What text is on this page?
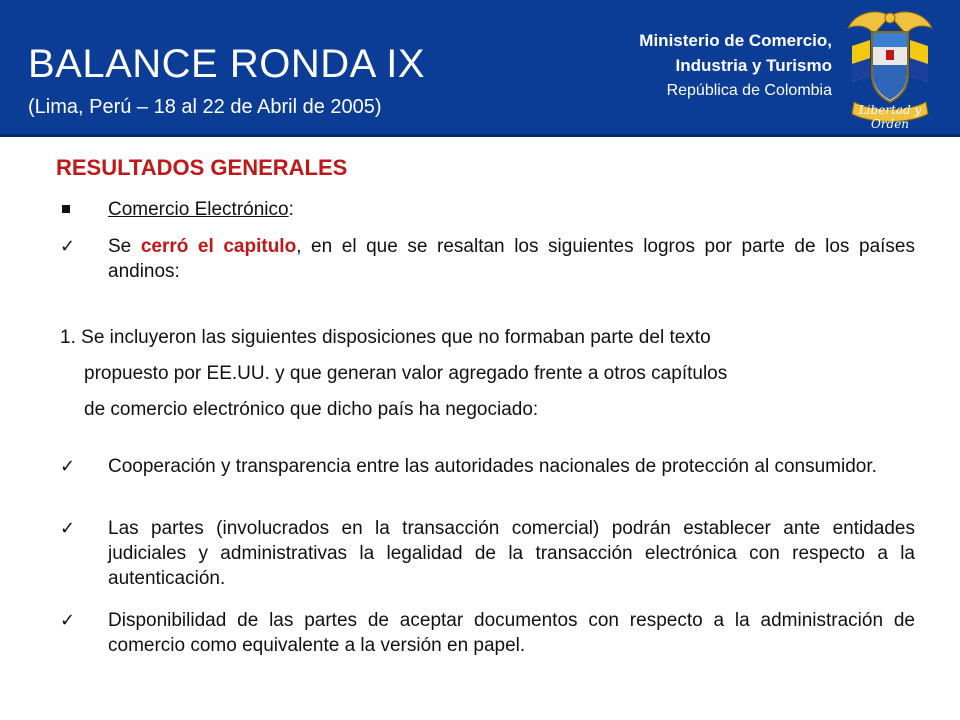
BALANCE RONDA IX
(Lima, Perú – 18 al 22 de Abril de 2005)
Ministerio de Comercio,
Industria y Turismo
República de Colombia
Libertad y Orden
RESULTADOS GENERALES
Comercio Electrónico:
✓	Se cerró el capitulo, en el que se resaltan los siguientes logros por parte de los países andinos:
1. Se incluyeron las siguientes disposiciones que no formaban parte del texto
propuesto por EE.UU. y que generan valor agregado frente a otros capítulos
de comercio electrónico que dicho país ha negociado:
✓	Cooperación y transparencia entre las autoridades nacionales de protección al consumidor.
✓	Las partes (involucrados en la transacción comercial) podrán establecer ante entidades judiciales y administrativas la legalidad de la transacción electrónica con respecto a la autenticación.
✓	Disponibilidad de las partes de aceptar documentos con respecto a la administración de comercio como equivalente a la versión en papel.
